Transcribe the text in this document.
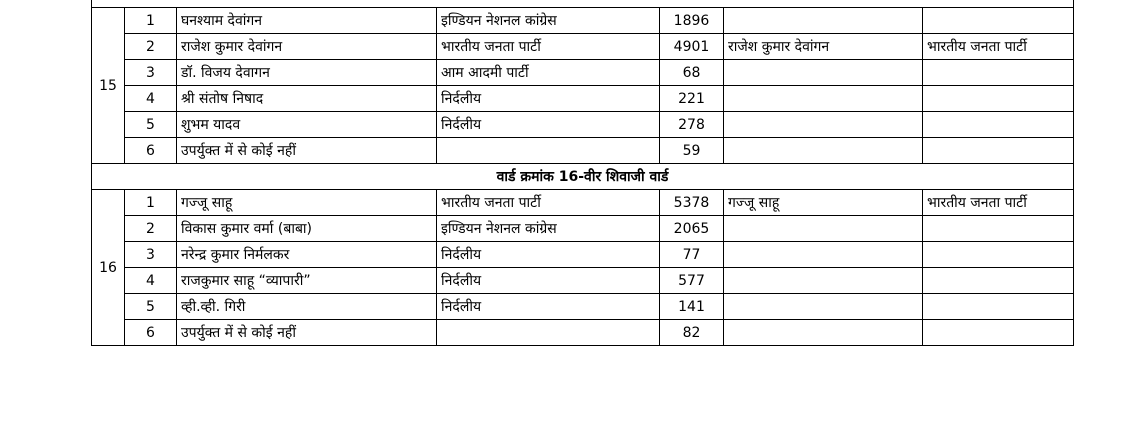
15	1	घनश्याम देवांगन	इण्डियन नेशनल कांग्रेस	1896		
	2	राजेश कुमार देवांगन	भारतीय जनता पार्टी	4901	राजेश कुमार देवांगन	भारतीय जनता पार्टी
	3	डॉ. विजय देवागन	आम आदमी पार्टी	68		
	4	श्री संतोष निषाद	निर्दलीय	221		
	5	शुभम यादव	निर्दलीय	278		
	6	उपर्युक्त में से कोई नहीं		59		
वार्ड क्रमांक 16-वीर शिवाजी वार्ड						
16	1	गज्जू साहू	भारतीय जनता पार्टी	5378	गज्जू साहू	भारतीय जनता पार्टी
	2	विकास कुमार वर्मा (बाबा)	इण्डियन नेशनल कांग्रेस	2065		
	3	नरेन्द्र कुमार निर्मलकर	निर्दलीय	77		
	4	राजकुमार साहू “व्यापारी”	निर्दलीय	577		
	5	व्ही.व्ही. गिरी	निर्दलीय	141		
	6	उपर्युक्त में से कोई नहीं		82		
